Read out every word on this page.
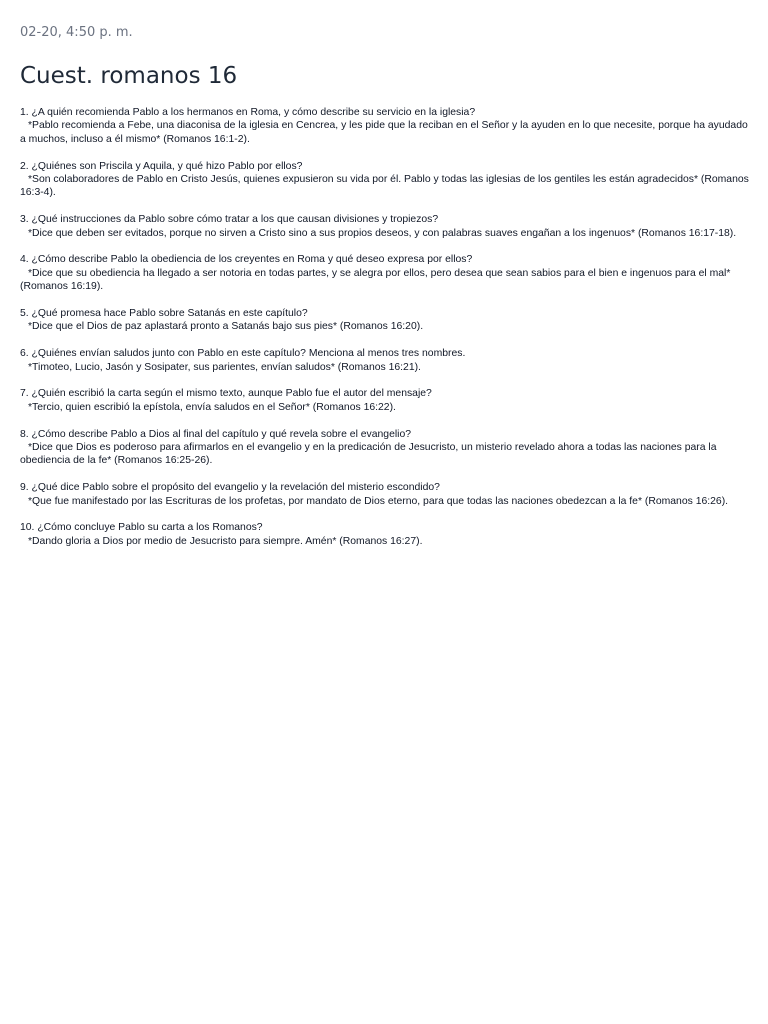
02-20, 4:50 p. m.
Cuest. romanos 16
1. ¿A quién recomienda Pablo a los hermanos en Roma, y cómo describe su servicio en la iglesia?
*Pablo recomienda a Febe, una diaconisa de la iglesia en Cencrea, y les pide que la reciban en el Señor y la ayuden en lo que necesite, porque ha ayudado a muchos, incluso a él mismo* (Romanos 16:1-2).
2. ¿Quiénes son Priscila y Aquila, y qué hizo Pablo por ellos?
*Son colaboradores de Pablo en Cristo Jesús, quienes expusieron su vida por él. Pablo y todas las iglesias de los gentiles les están agradecidos* (Romanos 16:3-4).
3. ¿Qué instrucciones da Pablo sobre cómo tratar a los que causan divisiones y tropiezos?
*Dice que deben ser evitados, porque no sirven a Cristo sino a sus propios deseos, y con palabras suaves engañan a los ingenuos* (Romanos 16:17-18).
4. ¿Cómo describe Pablo la obediencia de los creyentes en Roma y qué deseo expresa por ellos?
*Dice que su obediencia ha llegado a ser notoria en todas partes, y se alegra por ellos, pero desea que sean sabios para el bien e ingenuos para el mal* (Romanos 16:19).
5. ¿Qué promesa hace Pablo sobre Satanás en este capítulo?
*Dice que el Dios de paz aplastará pronto a Satanás bajo sus pies* (Romanos 16:20).
6. ¿Quiénes envían saludos junto con Pablo en este capítulo? Menciona al menos tres nombres.
*Timoteo, Lucio, Jasón y Sosipater, sus parientes, envían saludos* (Romanos 16:21).
7. ¿Quién escribió la carta según el mismo texto, aunque Pablo fue el autor del mensaje?
*Tercio, quien escribió la epístola, envía saludos en el Señor* (Romanos 16:22).
8. ¿Cómo describe Pablo a Dios al final del capítulo y qué revela sobre el evangelio?
*Dice que Dios es poderoso para afirmarlos en el evangelio y en la predicación de Jesucristo, un misterio revelado ahora a todas las naciones para la obediencia de la fe* (Romanos 16:25-26).
9. ¿Qué dice Pablo sobre el propósito del evangelio y la revelación del misterio escondido?
*Que fue manifestado por las Escrituras de los profetas, por mandato de Dios eterno, para que todas las naciones obedezcan a la fe* (Romanos 16:26).
10. ¿Cómo concluye Pablo su carta a los Romanos?
*Dando gloria a Dios por medio de Jesucristo para siempre. Amén* (Romanos 16:27).
